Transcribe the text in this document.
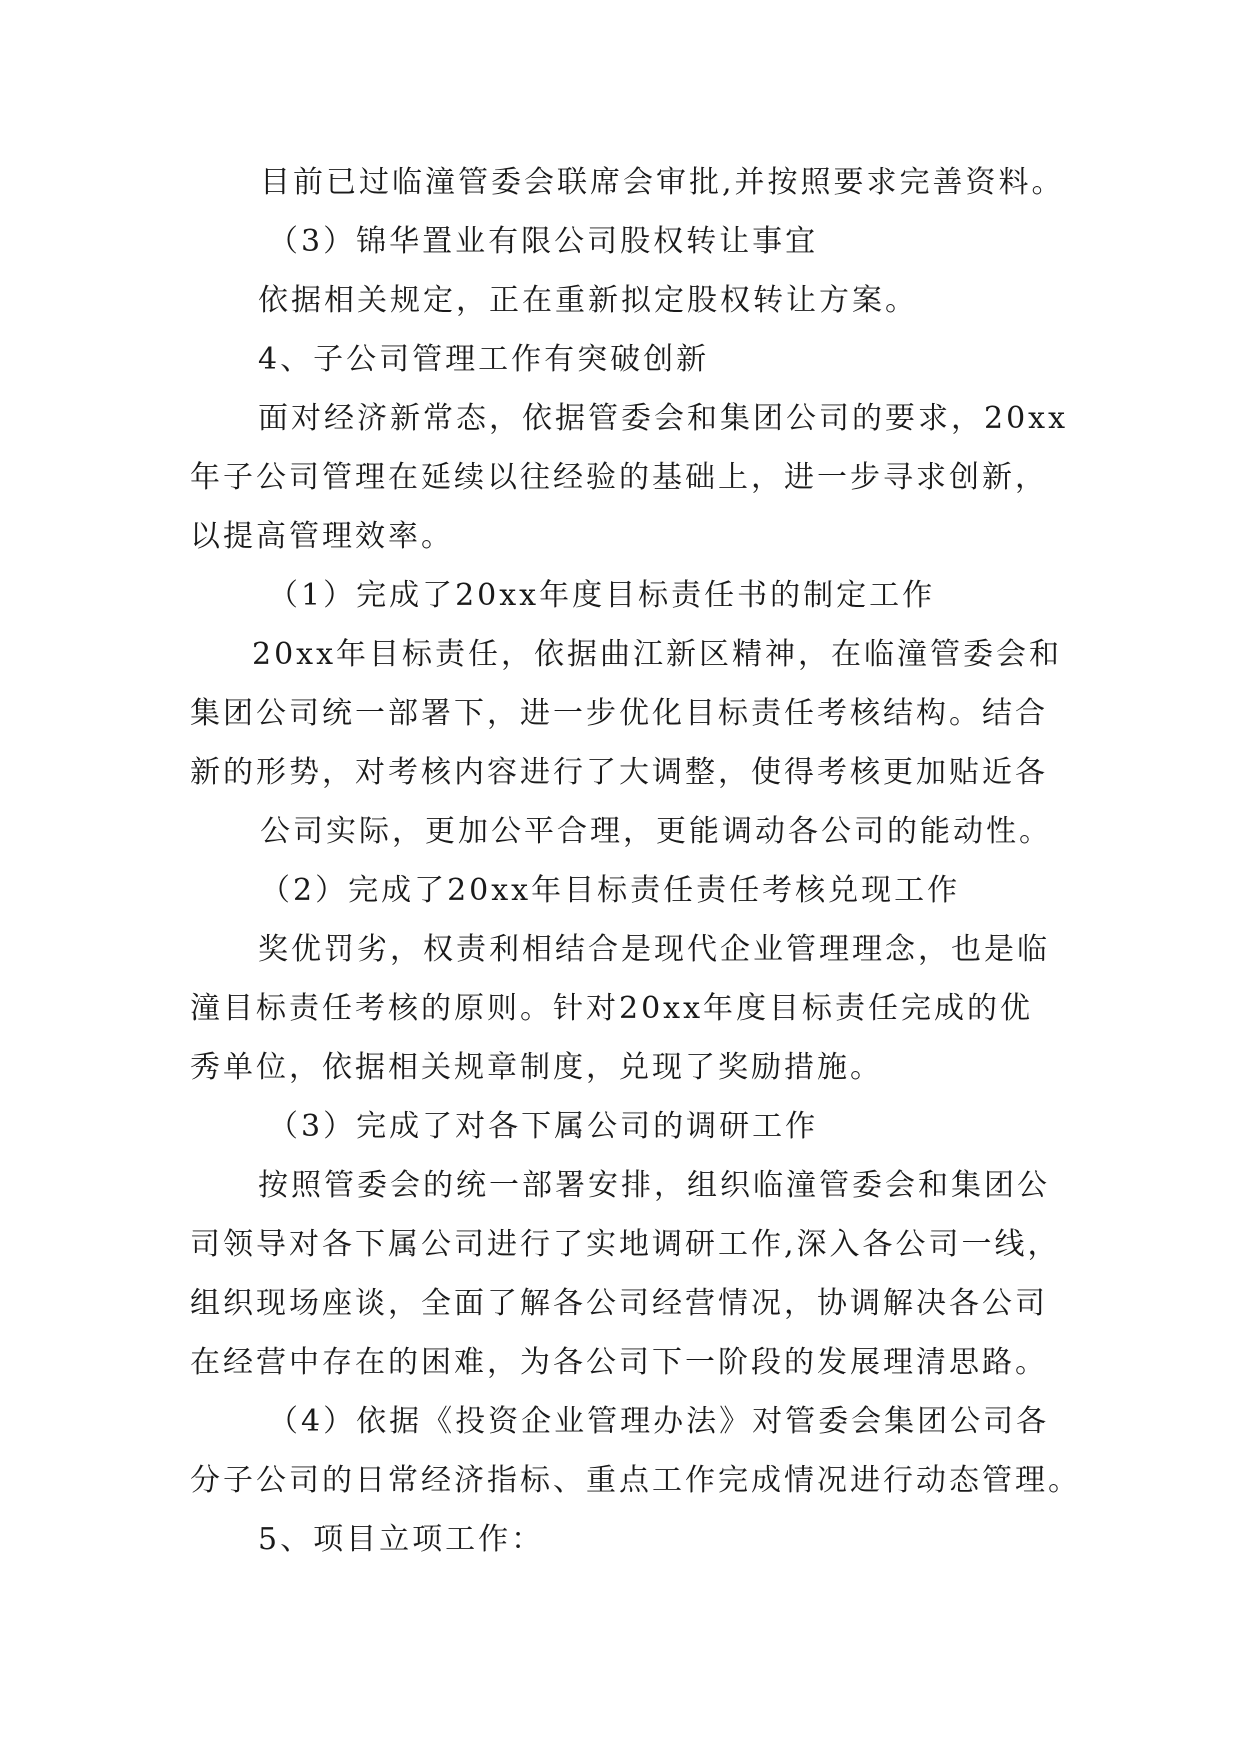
目前已过临潼管委会联席会审批,并按照要求完善资料。
（3）锦华置业有限公司股权转让事宜
依据相关规定，正在重新拟定股权转让方案。
4、子公司管理工作有突破创新
面对经济新常态，依据管委会和集团公司的要求，20xx
年子公司管理在延续以往经验的基础上，进一步寻求创新，
以提高管理效率。
（1）完成了20xx年度目标责任书的制定工作
20xx年目标责任，依据曲江新区精神，在临潼管委会和
集团公司统一部署下，进一步优化目标责任考核结构。结合
新的形势，对考核内容进行了大调整，使得考核更加贴近各
公司实际，更加公平合理，更能调动各公司的能动性。
（2）完成了20xx年目标责任责任考核兑现工作
奖优罚劣，权责利相结合是现代企业管理理念，也是临
潼目标责任考核的原则。针对20xx年度目标责任完成的优
秀单位，依据相关规章制度，兑现了奖励措施。
（3）完成了对各下属公司的调研工作
按照管委会的统一部署安排，组织临潼管委会和集团公
司领导对各下属公司进行了实地调研工作,深入各公司一线，
组织现场座谈，全面了解各公司经营情况，协调解决各公司
在经营中存在的困难，为各公司下一阶段的发展理清思路。
（4）依据《投资企业管理办法》对管委会集团公司各
分子公司的日常经济指标、重点工作完成情况进行动态管理。
5、项目立项工作：
